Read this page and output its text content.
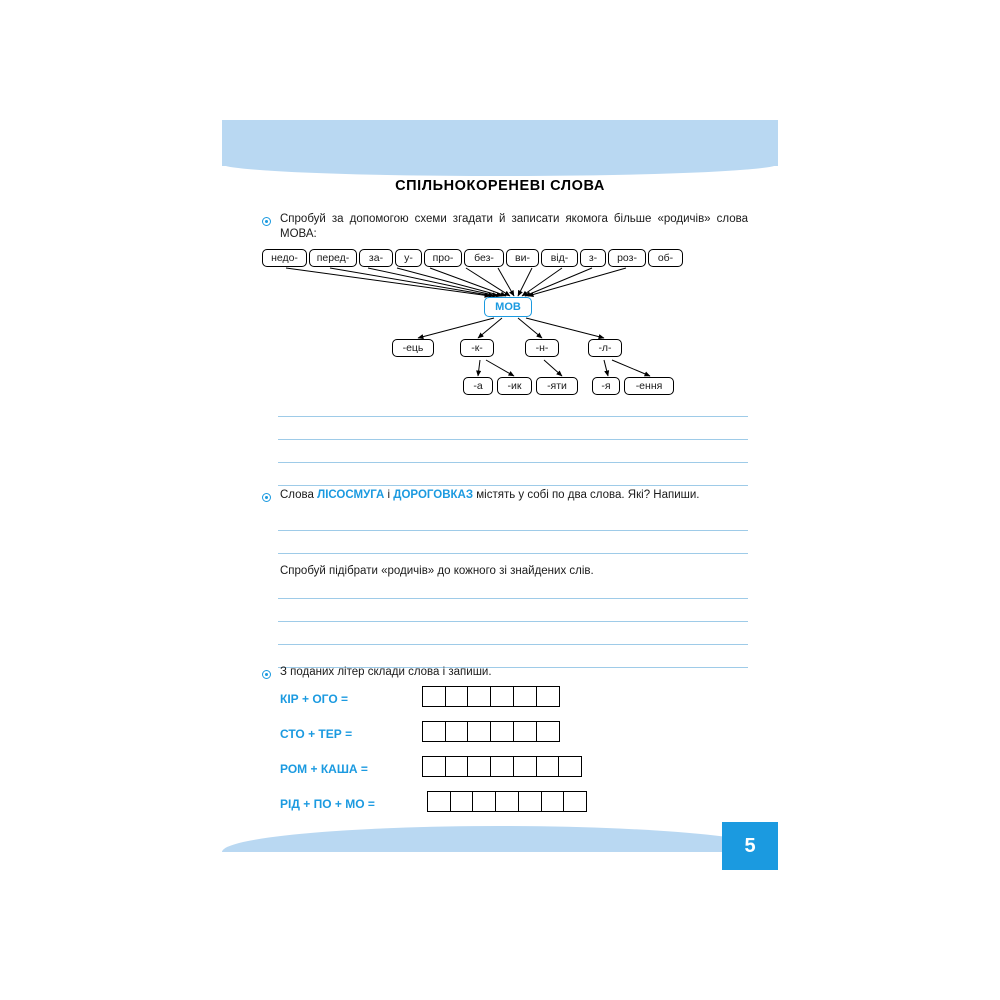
СПІЛЬНОКОРЕНЕВІ СЛОВА
Спробуй за допомогою схеми згадати й записати якомога більше «родичів» слова МОВА:
недо-	перед-	за-	у-	про-	без-	ви-	від-	з-	роз-	об-
МОВ
-ець	-к-	-н-	-л-
-а	-ик	-яти	-я	-ення
Слова ЛІСОСМУГА і ДОРОГОВКАЗ містять у собі по два слова. Які? Напиши.
Спробуй підібрати «родичів» до кожного зі знайдених слів.
З поданих літер склади слова і запиши.
КІР + ОГО =
СТО + ТЕР =
РОМ + КАША =
РІД + ПО + МО =
5
